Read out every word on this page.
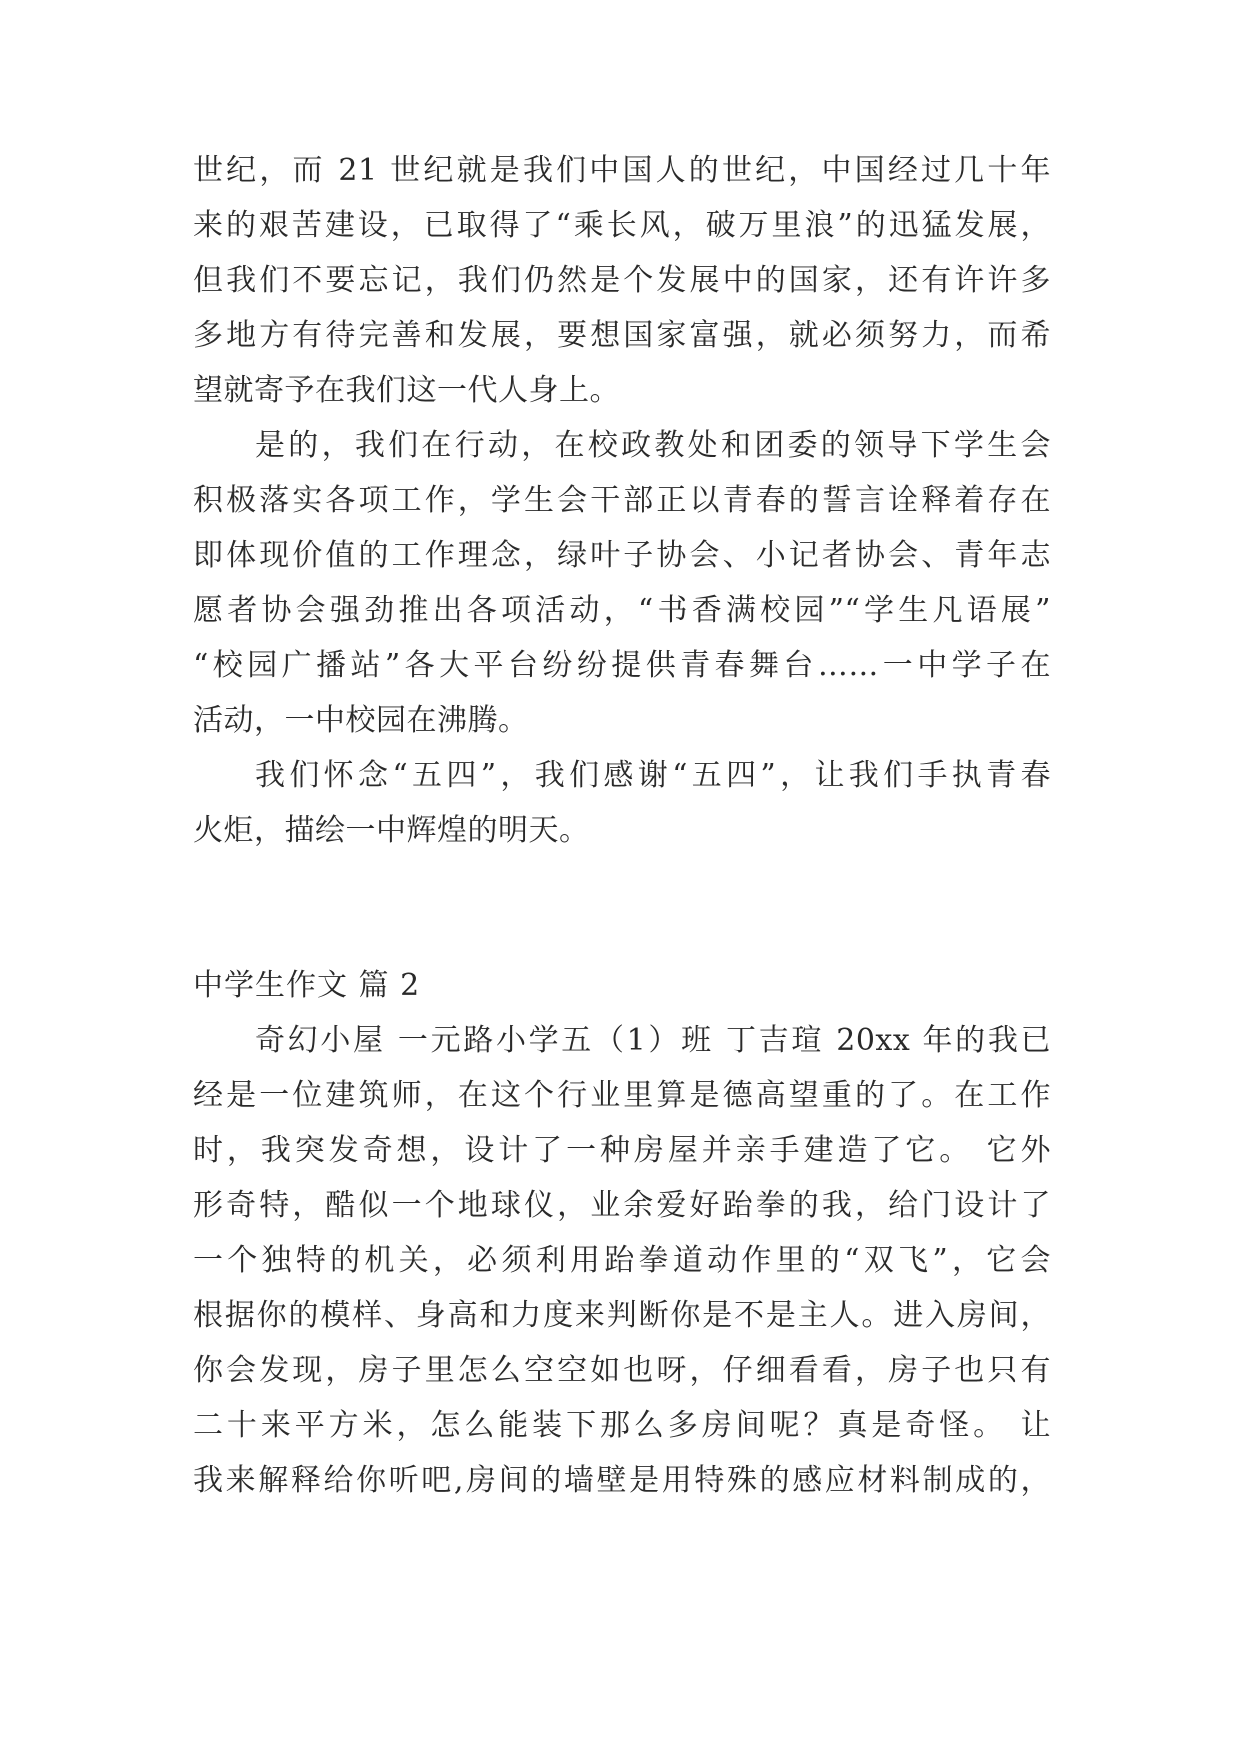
世纪，而 21 世纪就是我们中国人的世纪，中国经过几十年
来的艰苦建设，已取得了“乘长风，破万里浪”的迅猛发展，
但我们不要忘记，我们仍然是个发展中的国家，还有许许多
多地方有待完善和发展，要想国家富强，就必须努力，而希
望就寄予在我们这一代人身上。
是的，我们在行动，在校政教处和团委的领导下学生会
积极落实各项工作，学生会干部正以青春的誓言诠释着存在
即体现价值的工作理念，绿叶子协会、小记者协会、青年志
愿者协会强劲推出各项活动，“书香满校园”“学生凡语展”
“校园广播站”各大平台纷纷提供青春舞台……一中学子在
活动，一中校园在沸腾。
我们怀念“五四”，我们感谢“五四”，让我们手执青春
火炬，描绘一中辉煌的明天。
中学生作文 篇 2
奇幻小屋 一元路小学五（1）班 丁吉瑄 20xx 年的我已
经是一位建筑师，在这个行业里算是德高望重的了。在工作
时，我突发奇想，设计了一种房屋并亲手建造了它。 它外
形奇特，酷似一个地球仪，业余爱好跆拳的我，给门设计了
一个独特的机关，必须利用跆拳道动作里的“双飞”，它会
根据你的模样、身高和力度来判断你是不是主人。进入房间，
你会发现，房子里怎么空空如也呀，仔细看看，房子也只有
二十来平方米，怎么能装下那么多房间呢？真是奇怪。 让
我来解释给你听吧,房间的墙壁是用特殊的感应材料制成的，
